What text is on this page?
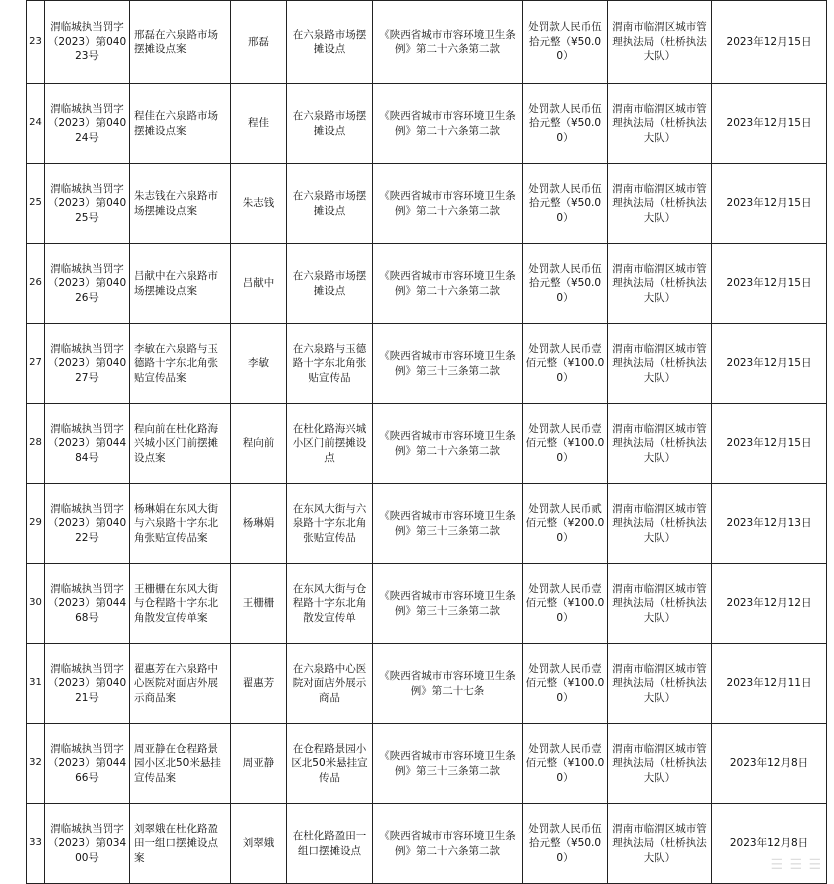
23	渭临城执当罚字（2023）第04023号	邢磊在六泉路市场摆摊设点案	邢磊	在六泉路市场摆摊设点	《陕西省城市市容环境卫生条例》第二十六条第二款	处罚款人民币伍拾元整（¥50.00）	渭南市临渭区城市管理执法局（杜桥执法大队）	2023年12月15日
24	渭临城执当罚字（2023）第04024号	程佳在六泉路市场摆摊设点案	程佳	在六泉路市场摆摊设点	《陕西省城市市容环境卫生条例》第二十六条第二款	处罚款人民币伍拾元整（¥50.00）	渭南市临渭区城市管理执法局（杜桥执法大队）	2023年12月15日
25	渭临城执当罚字（2023）第04025号	朱志钱在六泉路市场摆摊设点案	朱志钱	在六泉路市场摆摊设点	《陕西省城市市容环境卫生条例》第二十六条第二款	处罚款人民币伍拾元整（¥50.00）	渭南市临渭区城市管理执法局（杜桥执法大队）	2023年12月15日
26	渭临城执当罚字（2023）第04026号	吕献中在六泉路市场摆摊设点案	吕献中	在六泉路市场摆摊设点	《陕西省城市市容环境卫生条例》第二十六条第二款	处罚款人民币伍拾元整（¥50.00）	渭南市临渭区城市管理执法局（杜桥执法大队）	2023年12月15日
27	渭临城执当罚字（2023）第04027号	李敏在六泉路与玉德路十字东北角张贴宣传品案	李敏	在六泉路与玉德路十字东北角张贴宣传品	《陕西省城市市容环境卫生条例》第三十三条第二款	处罚款人民币壹佰元整（¥100.00）	渭南市临渭区城市管理执法局（杜桥执法大队）	2023年12月15日
28	渭临城执当罚字（2023）第04484号	程向前在杜化路海兴城小区门前摆摊设点案	程向前	在杜化路海兴城小区门前摆摊设点	《陕西省城市市容环境卫生条例》第二十六条第二款	处罚款人民币壹佰元整（¥100.00）	渭南市临渭区城市管理执法局（杜桥执法大队）	2023年12月15日
29	渭临城执当罚字（2023）第04022号	杨琳娟在东风大街与六泉路十字东北角张贴宣传品案	杨琳娟	在东风大街与六泉路十字东北角张贴宣传品	《陕西省城市市容环境卫生条例》第三十三条第二款	处罚款人民币贰佰元整（¥200.00）	渭南市临渭区城市管理执法局（杜桥执法大队）	2023年12月13日
30	渭临城执当罚字（2023）第04468号	王栅栅在东风大街与仓程路十字东北角散发宣传单案	王栅栅	在东风大街与仓程路十字东北角散发宣传单	《陕西省城市市容环境卫生条例》第三十三条第二款	处罚款人民币壹佰元整（¥100.00）	渭南市临渭区城市管理执法局（杜桥执法大队）	2023年12月12日
31	渭临城执当罚字（2023）第04021号	翟惠芳在六泉路中心医院对面店外展示商品案	翟惠芳	在六泉路中心医院对面店外展示商品	《陕西省城市市容环境卫生条例》第二十七条	处罚款人民币壹佰元整（¥100.00）	渭南市临渭区城市管理执法局（杜桥执法大队）	2023年12月11日
32	渭临城执当罚字（2023）第04466号	周亚静在仓程路景园小区北50米悬挂宣传品案	周亚静	在仓程路景园小区北50米悬挂宣传品	《陕西省城市市容环境卫生条例》第三十三条第二款	处罚款人民币壹佰元整（¥100.00）	渭南市临渭区城市管理执法局（杜桥执法大队）	2023年12月8日
33	渭临城执当罚字（2023）第03400号	刘翠娥在杜化路盈田一组口摆摊设点案	刘翠娥	在杜化路盈田一组口摆摊设点	《陕西省城市市容环境卫生条例》第二十六条第二款	处罚款人民币伍拾元整（¥50.00）	渭南市临渭区城市管理执法局（杜桥执法大队）	2023年12月8日
☰ ☰ ☰
